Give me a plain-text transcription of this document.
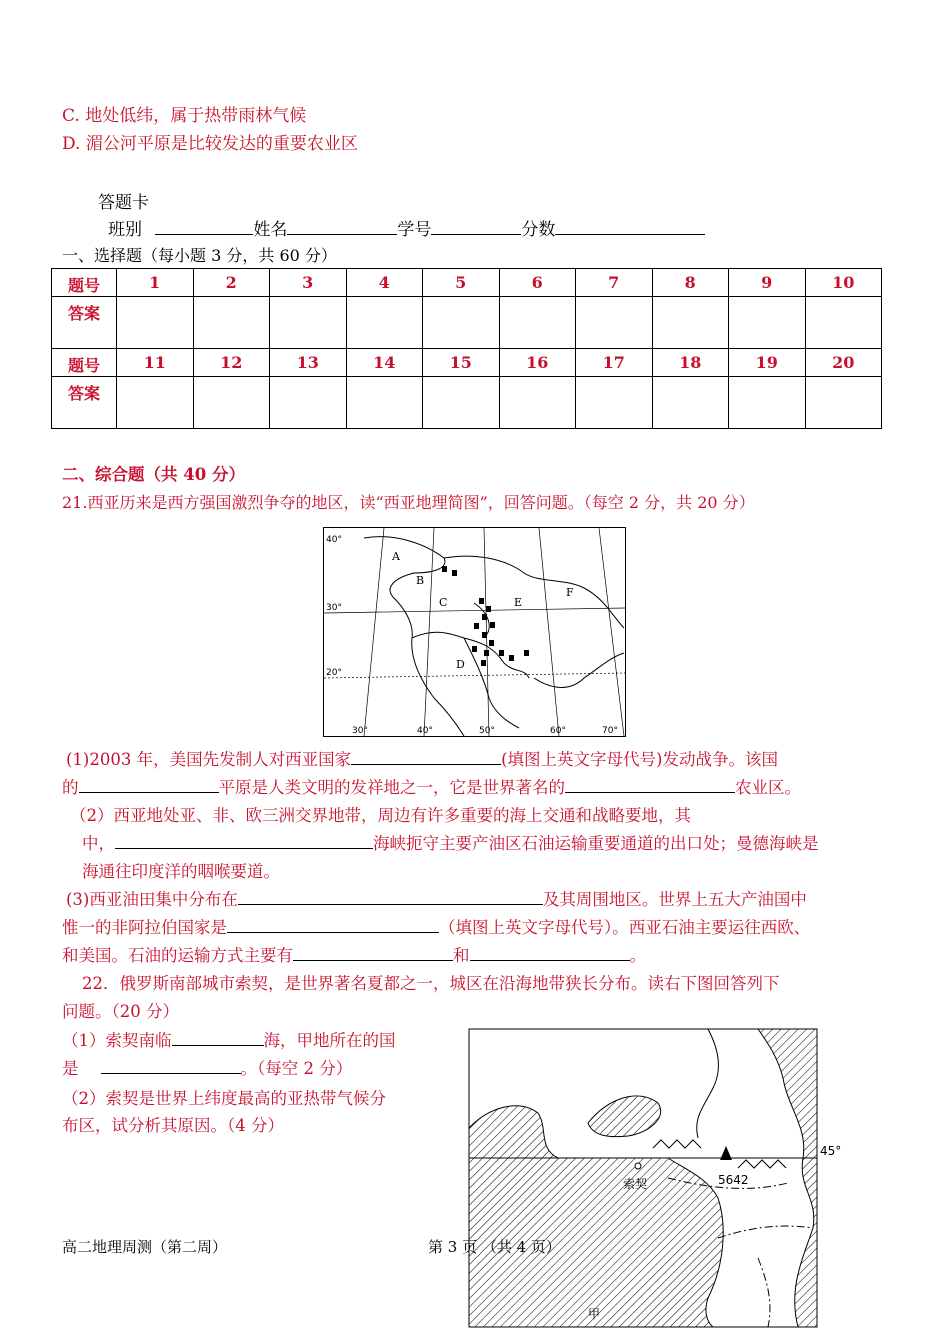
C. 地处低纬，属于热带雨林气候
D. 湄公河平原是比较发达的重要农业区
答题卡
班别	姓名	学号	分数
一、选择题（每小题 3 分，共 60 分）
题号	1	2	3	4	5	6	7	8	9	10
答案										
题号	11	12	13	14	15	16	17	18	19	20
答案										
二、综合题（共 40 分）
21.西亚历来是西方强国激烈争夺的地区，读“西亚地理简图”，回答问题。（每空 2 分，共 20 分）
A
B
C
D
E
F
40°
30°
20°
30°	40°	50°	60°	70°
(1)2003 年，美国先发制人对西亚国家	(填图上英文字母代号)发动战争。该国
的	平原是人类文明的发祥地之一，它是世界著名的	农业区。
（2）西亚地处亚、非、欧三洲交界地带，周边有许多重要的海上交通和战略要地，其
中，	海峡扼守主要产油区石油运输重要通道的出口处；曼德海峡是
海通往印度洋的咽喉要道。
(3)西亚油田集中分布在	及其周围地区。世界上五大产油国中
惟一的非阿拉伯国家是	（填图上英文字母代号）。西亚石油主要运往西欧、
和美国。石油的运输方式主要有	和	。
22．俄罗斯南部城市索契，是世界著名夏都之一，城区在沿海地带狭长分布。读右下图回答列下
问题。（20 分）
（1）索契南临	海，甲地所在的国
是	。（每空 2 分）
（2）索契是世界上纬度最高的亚热带气候分
布区，试分析其原因。（4 分）
45°
索契	5642
甲
高二地理周测（第二周）	第 3 页 （共 4 页）
